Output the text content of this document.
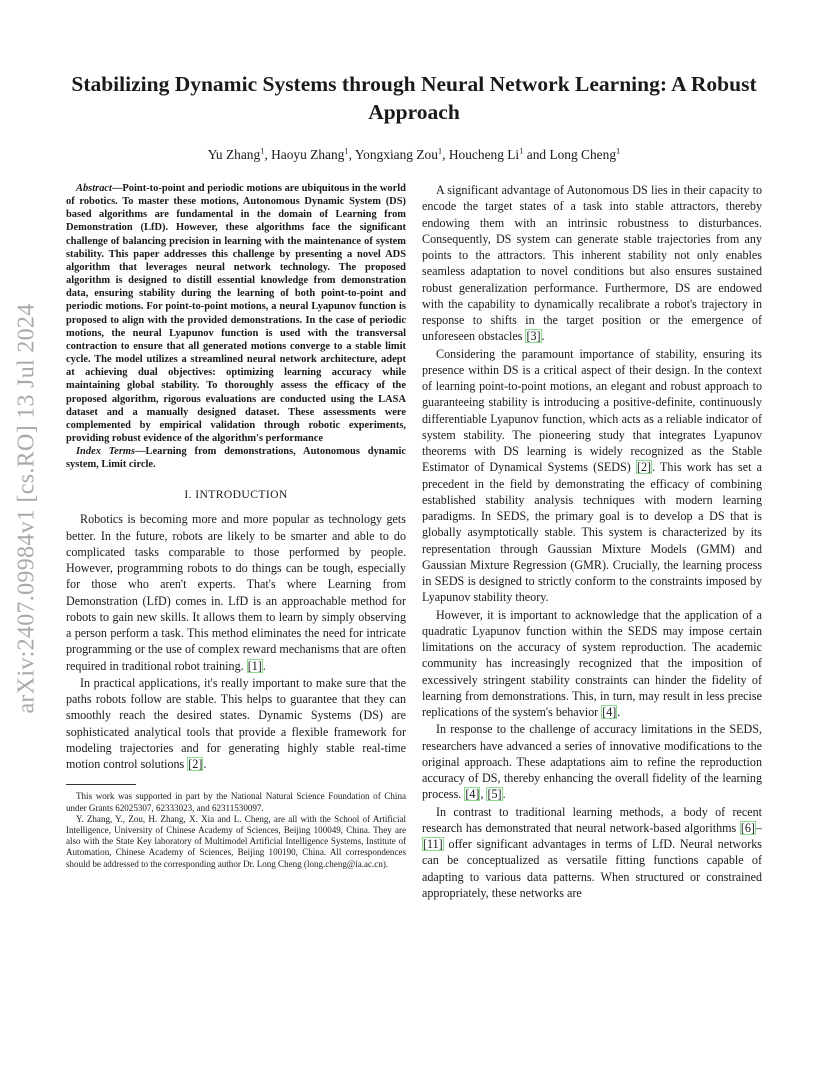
arXiv:2407.09984v1 [cs.RO] 13 Jul 2024
Stabilizing Dynamic Systems through Neural Network Learning: A Robust Approach

Yu Zhang$^1$, Haoyu Zhang$^1$, Yongxiang Zou$^1$, Houcheng Li$^1$ and Long Cheng$^1$

Abstract—Point-to-point and periodic motions are ubiquitous in the world of robotics. To master these motions, Autonomous Dynamic System (DS) based algorithms are fundamental in the domain of Learning from Demonstration (LfD). However, these algorithms face the significant challenge of balancing precision in learning with the maintenance of system stability. This paper addresses this challenge by presenting a novel ADS algorithm that leverages neural network technology. The proposed algorithm is designed to distill essential knowledge from demonstration data, ensuring stability during the learning of both point-to-point and periodic motions. For point-to-point motions, a neural Lyapunov function is proposed to align with the provided demonstrations. In the case of periodic motions, the neural Lyapunov function is used with the transversal contraction to ensure that all generated motions converge to a stable limit cycle. The model utilizes a streamlined neural network architecture, adept at achieving dual objectives: optimizing learning accuracy while maintaining global stability. To thoroughly assess the efficacy of the proposed algorithm, rigorous evaluations are conducted using the LASA dataset and a manually designed dataset. These assessments were complemented by empirical validation through robotic experiments, providing robust evidence of the algorithm's performance

Index Terms—Learning from demonstrations, Autonomous dynamic system, Limit circle.

I. INTRODUCTION

Robotics is becoming more and more popular as technology gets better. In the future, robots are likely to be smarter and able to do complicated tasks comparable to those performed by people. However, programming robots to do things can be tough, especially for those who aren't experts. That's where Learning from Demonstration (LfD) comes in. LfD is an approachable method for robots to gain new skills. It allows them to learn by simply observing a person perform a task. This method eliminates the need for intricate programming or the use of complex reward mechanisms that are often required in traditional robot training. [1].

In practical applications, it's really important to make sure that the paths robots follow are stable. This helps to guarantee that they can smoothly reach the desired states. Dynamic Systems (DS) are sophisticated analytical tools that provide a flexible framework for modeling trajectories and for generating highly stable real-time motion control solutions [2].

This work was supported in part by the National Natural Science Foundation of China under Grants 62025307, 62333023, and 62311530097.

Y. Zhang, Y., Zou, H. Zhang, X. Xia and L. Cheng, are all with the School of Artificial Intelligence, University of Chinese Academy of Sciences, Beijing 100049, China. They are also with the State Key laboratory of Multimodel Artificial Intelligence Systems, Institute of Automation, Chinese Academy of Sciences, Beijing 100190, China. All correspondences should be addressed to the corresponding author Dr. Long Cheng (long.cheng@ia.ac.cn).

A significant advantage of Autonomous DS lies in their capacity to encode the target states of a task into stable attractors, thereby endowing them with an intrinsic robustness to disturbances. Consequently, DS system can generate stable trajectories from any points to the attractors. This inherent stability not only enables seamless adaptation to novel conditions but also ensures sustained robust generalization performance. Furthermore, DS are endowed with the capability to dynamically recalibrate a robot's trajectory in response to shifts in the target position or the emergence of unforeseen obstacles [3].

Considering the paramount importance of stability, ensuring its presence within DS is a critical aspect of their design. In the context of learning point-to-point motions, an elegant and robust approach to guaranteeing stability is introducing a positive-definite, continuously differentiable Lyapunov function, which acts as a reliable indicator of system stability. The pioneering study that integrates Lyapunov theorems with DS learning is widely recognized as the Stable Estimator of Dynamical Systems (SEDS) [2]. This work has set a precedent in the field by demonstrating the efficacy of combining established stability analysis techniques with modern learning paradigms. In SEDS, the primary goal is to develop a DS that is globally asymptotically stable. This system is characterized by its representation through Gaussian Mixture Models (GMM) and Gaussian Mixture Regression (GMR). Crucially, the learning process in SEDS is designed to strictly conform to the constraints imposed by Lyapunov stability theory.

However, it is important to acknowledge that the application of a quadratic Lyapunov function within the SEDS may impose certain limitations on the accuracy of system reproduction. The academic community has increasingly recognized that the imposition of excessively stringent stability constraints can hinder the fidelity of learning from demonstrations. This, in turn, may result in less precise replications of the system's behavior [4].

In response to the challenge of accuracy limitations in the SEDS, researchers have advanced a series of innovative modifications to the original approach. These adaptations aim to refine the reproduction accuracy of DS, thereby enhancing the overall fidelity of the learning process. [4], [5].

In contrast to traditional learning methods, a body of recent research has demonstrated that neural network-based algorithms [6]–[11] offer significant advantages in terms of LfD. Neural networks can be conceptualized as versatile fitting functions capable of adapting to various data patterns. When structured or constrained appropriately, these networks are
